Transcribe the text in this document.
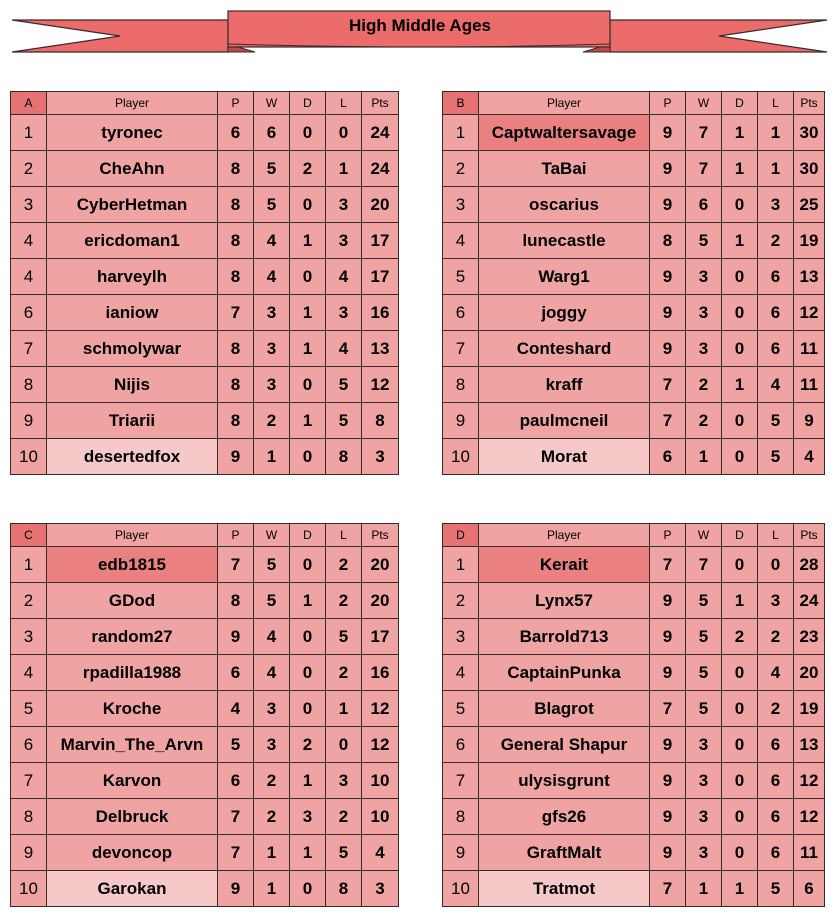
High Middle Ages
A	Player	P	W	D	L	Pts
1	tyronec	6	6	0	0	24
2	CheAhn	8	5	2	1	24
3	CyberHetman	8	5	0	3	20
4	ericdoman1	8	4	1	3	17
4	harveylh	8	4	0	4	17
6	ianiow	7	3	1	3	16
7	schmolywar	8	3	1	4	13
8	Nijis	8	3	0	5	12
9	Triarii	8	2	1	5	8
10	desertedfox	9	1	0	8	3
B	Player	P	W	D	L	Pts
1	Captwaltersavage	9	7	1	1	30
2	TaBai	9	7	1	1	30
3	oscarius	9	6	0	3	25
4	lunecastle	8	5	1	2	19
5	Warg1	9	3	0	6	13
6	joggy	9	3	0	6	12
7	Conteshard	9	3	0	6	11
8	kraff	7	2	1	4	11
9	paulmcneil	7	2	0	5	9
10	Morat	6	1	0	5	4
C	Player	P	W	D	L	Pts
1	edb1815	7	5	0	2	20
2	GDod	8	5	1	2	20
3	random27	9	4	0	5	17
4	rpadilla1988	6	4	0	2	16
5	Kroche	4	3	0	1	12
6	Marvin_The_Arvn	5	3	2	0	12
7	Karvon	6	2	1	3	10
8	Delbruck	7	2	3	2	10
9	devoncop	7	1	1	5	4
10	Garokan	9	1	0	8	3
D	Player	P	W	D	L	Pts
1	Kerait	7	7	0	0	28
2	Lynx57	9	5	1	3	24
3	Barrold713	9	5	2	2	23
4	CaptainPunka	9	5	0	4	20
5	Blagrot	7	5	0	2	19
6	General Shapur	9	3	0	6	13
7	ulysisgrunt	9	3	0	6	12
8	gfs26	9	3	0	6	12
9	GraftMalt	9	3	0	6	11
10	Tratmot	7	1	1	5	6
